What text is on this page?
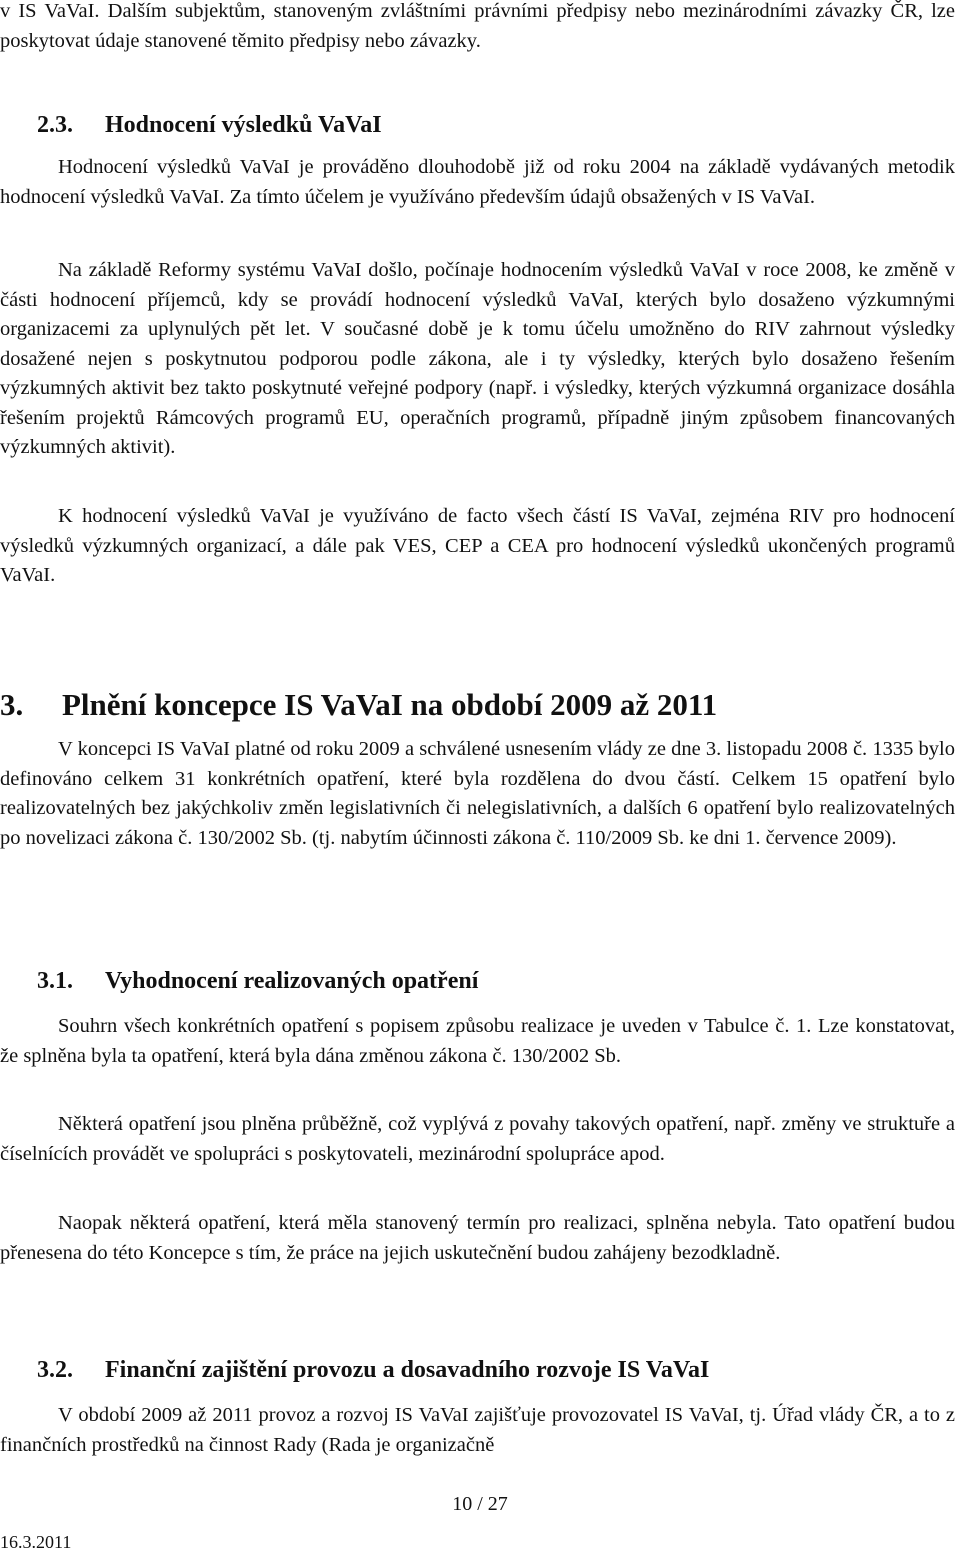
v IS VaVaI. Dalším subjektům, stanoveným zvláštními právními předpisy nebo mezinárodními závazky ČR, lze poskytovat údaje stanovené těmito předpisy nebo závazky.

2.3. Hodnocení výsledků VaVaI

Hodnocení výsledků VaVaI je prováděno dlouhodobě již od roku 2004 na základě vydávaných metodik hodnocení výsledků VaVaI. Za tímto účelem je využíváno především údajů obsažených v IS VaVaI.

Na základě Reformy systému VaVaI došlo, počínaje hodnocením výsledků VaVaI v roce 2008, ke změně v části hodnocení příjemců, kdy se provádí hodnocení výsledků VaVaI, kterých bylo dosaženo výzkumnými organizacemi za uplynulých pět let. V současné době je k tomu účelu umožněno do RIV zahrnout výsledky dosažené nejen s poskytnutou podporou podle zákona, ale i ty výsledky, kterých bylo dosaženo řešením výzkumných aktivit bez takto poskytnuté veřejné podpory (např. i výsledky, kterých výzkumná organizace dosáhla řešením projektů Rámcových programů EU, operačních programů, případně jiným způsobem financovaných výzkumných aktivit).

K hodnocení výsledků VaVaI je využíváno de facto všech částí IS VaVaI, zejména RIV pro hodnocení výsledků výzkumných organizací, a dále pak VES, CEP a CEA pro hodnocení výsledků ukončených programů VaVaI.

3. Plnění koncepce IS VaVaI na období 2009 až 2011

V koncepci IS VaVaI platné od roku 2009 a schválené usnesením vlády ze dne 3. listopadu 2008 č. 1335 bylo definováno celkem 31 konkrétních opatření, které byla rozdělena do dvou částí. Celkem 15 opatření bylo realizovatelných bez jakýchkoliv změn legislativních či nelegislativních, a dalších 6 opatření bylo realizovatelných po novelizaci zákona č. 130/2002 Sb. (tj. nabytím účinnosti zákona č. 110/2009 Sb. ke dni 1. července 2009).

3.1. Vyhodnocení realizovaných opatření

Souhrn všech konkrétních opatření s popisem způsobu realizace je uveden v Tabulce č. 1. Lze konstatovat, že splněna byla ta opatření, která byla dána změnou zákona č. 130/2002 Sb.

Některá opatření jsou plněna průběžně, což vyplývá z povahy takových opatření, např. změny ve struktuře a číselnících provádět ve spolupráci s poskytovateli, mezinárodní spolupráce apod.

Naopak některá opatření, která měla stanovený termín pro realizaci, splněna nebyla. Tato opatření budou přenesena do této Koncepce s tím, že práce na jejich uskutečnění budou zahájeny bezodkladně.

3.2. Finanční zajištění provozu a dosavadního rozvoje IS VaVaI

V období 2009 až 2011 provoz a rozvoj IS VaVaI zajišťuje provozovatel IS VaVaI, tj. Úřad vlády ČR, a to z finančních prostředků na činnost Rady (Rada je organizačně

10 / 27
16.3.2011
